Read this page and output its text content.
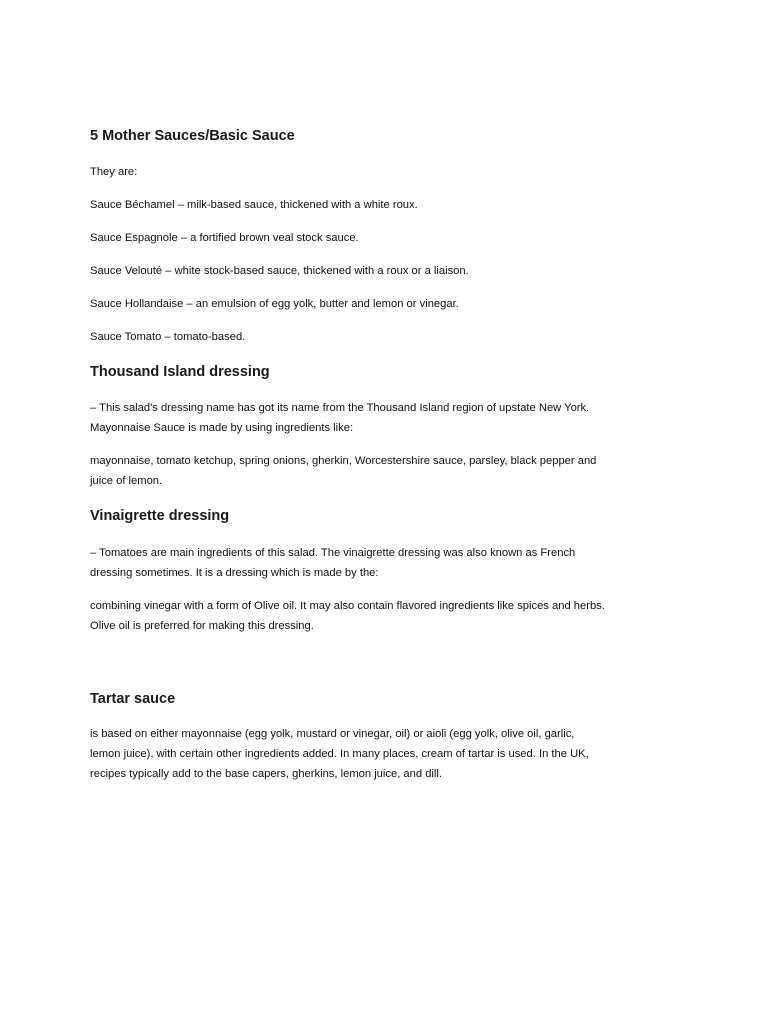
5 Mother Sauces/Basic Sauce

They are:

Sauce Béchamel – milk-based sauce, thickened with a white roux.

Sauce Espagnole – a fortified brown veal stock sauce.

Sauce Velouté – white stock-based sauce, thickened with a roux or a liaison.

Sauce Hollandaise – an emulsion of egg yolk, butter and lemon or vinegar.

Sauce Tomato – tomato-based.

Thousand Island dressing

– This salad's dressing name has got its name from the Thousand Island region of upstate New York.
Mayonnaise Sauce is made by using ingredients like:

mayonnaise, tomato ketchup, spring onions, gherkin, Worcestershire sauce, parsley, black pepper and
juice of lemon.

Vinaigrette dressing

– Tomatoes are main ingredients of this salad. The vinaigrette dressing was also known as French
dressing sometimes. It is a dressing which is made by the:

combining vinegar with a form of Olive oil. It may also contain flavored ingredients like spices and herbs.
Olive oil is preferred for making this dressing.

Tartar sauce

is based on either mayonnaise (egg yolk, mustard or vinegar, oil) or aioli (egg yolk, olive oil, garlic,
lemon juice), with certain other ingredients added. In many places, cream of tartar is used. In the UK,
recipes typically add to the base capers, gherkins, lemon juice, and dill.
